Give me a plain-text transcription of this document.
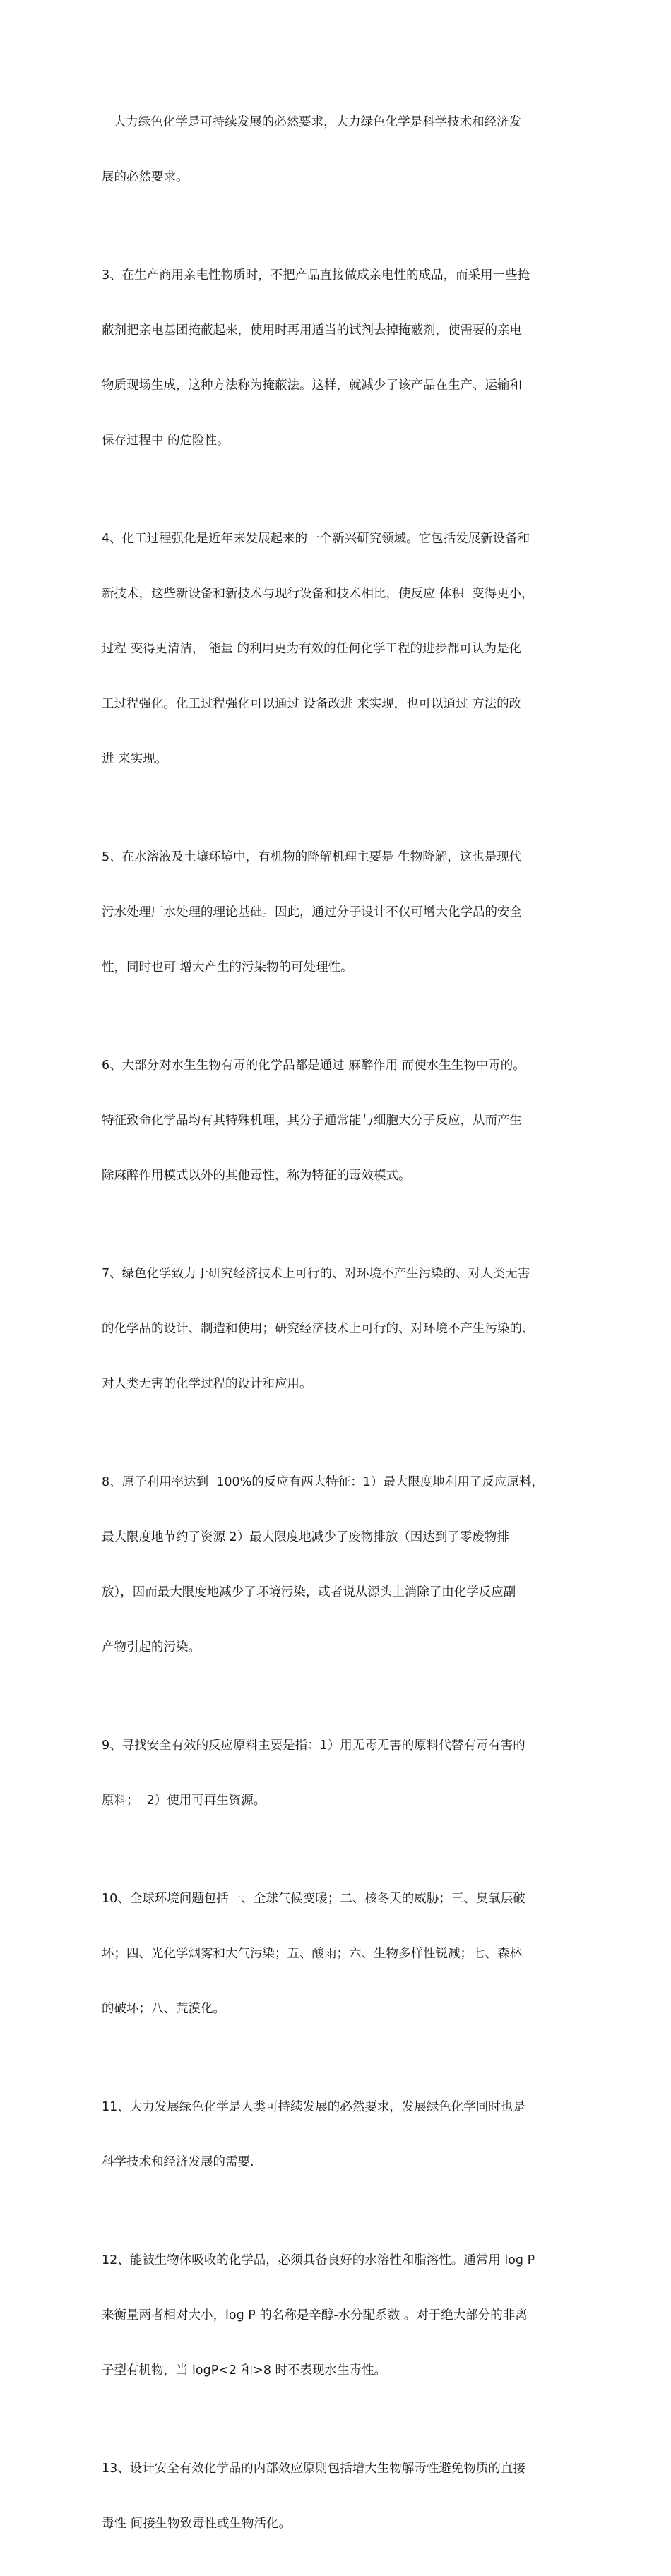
大力绿色化学是可持续发展的必然要求，大力绿色化学是科学技术和经济发

展的必然要求。

3、在生产商用亲电性物质时，不把产品直接做成亲电性的成品，而采用一些掩

蔽剂把亲电基团掩蔽起来，使用时再用适当的试剂去掉掩蔽剂，使需要的亲电

物质现场生成，这种方法称为掩蔽法。这样，就减少了该产品在生产、运输和

保存过程中 的危险性。

4、化工过程强化是近年来发展起来的一个新兴研究领域。它包括发展新设备和

新技术，这些新设备和新技术与现行设备和技术相比，使反应 体积  变得更小，

过程 变得更清洁， 能量 的利用更为有效的任何化学工程的进步都可认为是化

工过程强化。化工过程强化可以通过 设备改进 来实现，也可以通过 方法的改

进 来实现。

5、在水溶液及土壤环境中，有机物的降解机理主要是 生物降解，这也是现代

污水处理厂水处理的理论基础。因此，通过分子设计不仅可增大化学品的安全

性，同时也可 增大产生的污染物的可处理性。

6、大部分对水生生物有毒的化学品都是通过 麻醉作用 而使水生生物中毒的。

特征致命化学品均有其特殊机理，其分子通常能与细胞大分子反应，从而产生

除麻醉作用模式以外的其他毒性，称为特征的毒效模式。

7、绿色化学致力于研究经济技术上可行的、对环境不产生污染的、对人类无害

的化学品的设计、制造和使用；研究经济技术上可行的、对环境不产生污染的、

对人类无害的化学过程的设计和应用。

8、原子利用率达到  100%的反应有两大特征：1）最大限度地利用了反应原料，

最大限度地节约了资源 2）最大限度地减少了废物排放（因达到了零废物排

放），因而最大限度地减少了环境污染，或者说从源头上消除了由化学反应副

产物引起的污染。

9、寻找安全有效的反应原料主要是指：1）用无毒无害的原料代替有毒有害的

原料；  2）使用可再生资源。

10、全球环境问题包括一、全球气候变暖；二、核冬天的威胁；三、臭氧层破

坏；四、光化学烟雾和大气污染；五、酸雨；六、生物多样性锐减；七、森林

的破坏；八、荒漠化。

11、大力发展绿色化学是人类可持续发展的必然要求，发展绿色化学同时也是

科学技术和经济发展的需要.

12、能被生物体吸收的化学品，必须具备良好的水溶性和脂溶性。通常用 log P

来衡量两者相对大小，log P 的名称是辛醇-水分配系数 。对于绝大部分的非离

子型有机物，当 logP<2 和>8 时不表现水生毒性。

13、设计安全有效化学品的内部效应原则包括增大生物解毒性避免物质的直接

毒性 间接生物致毒性或生物活化。
